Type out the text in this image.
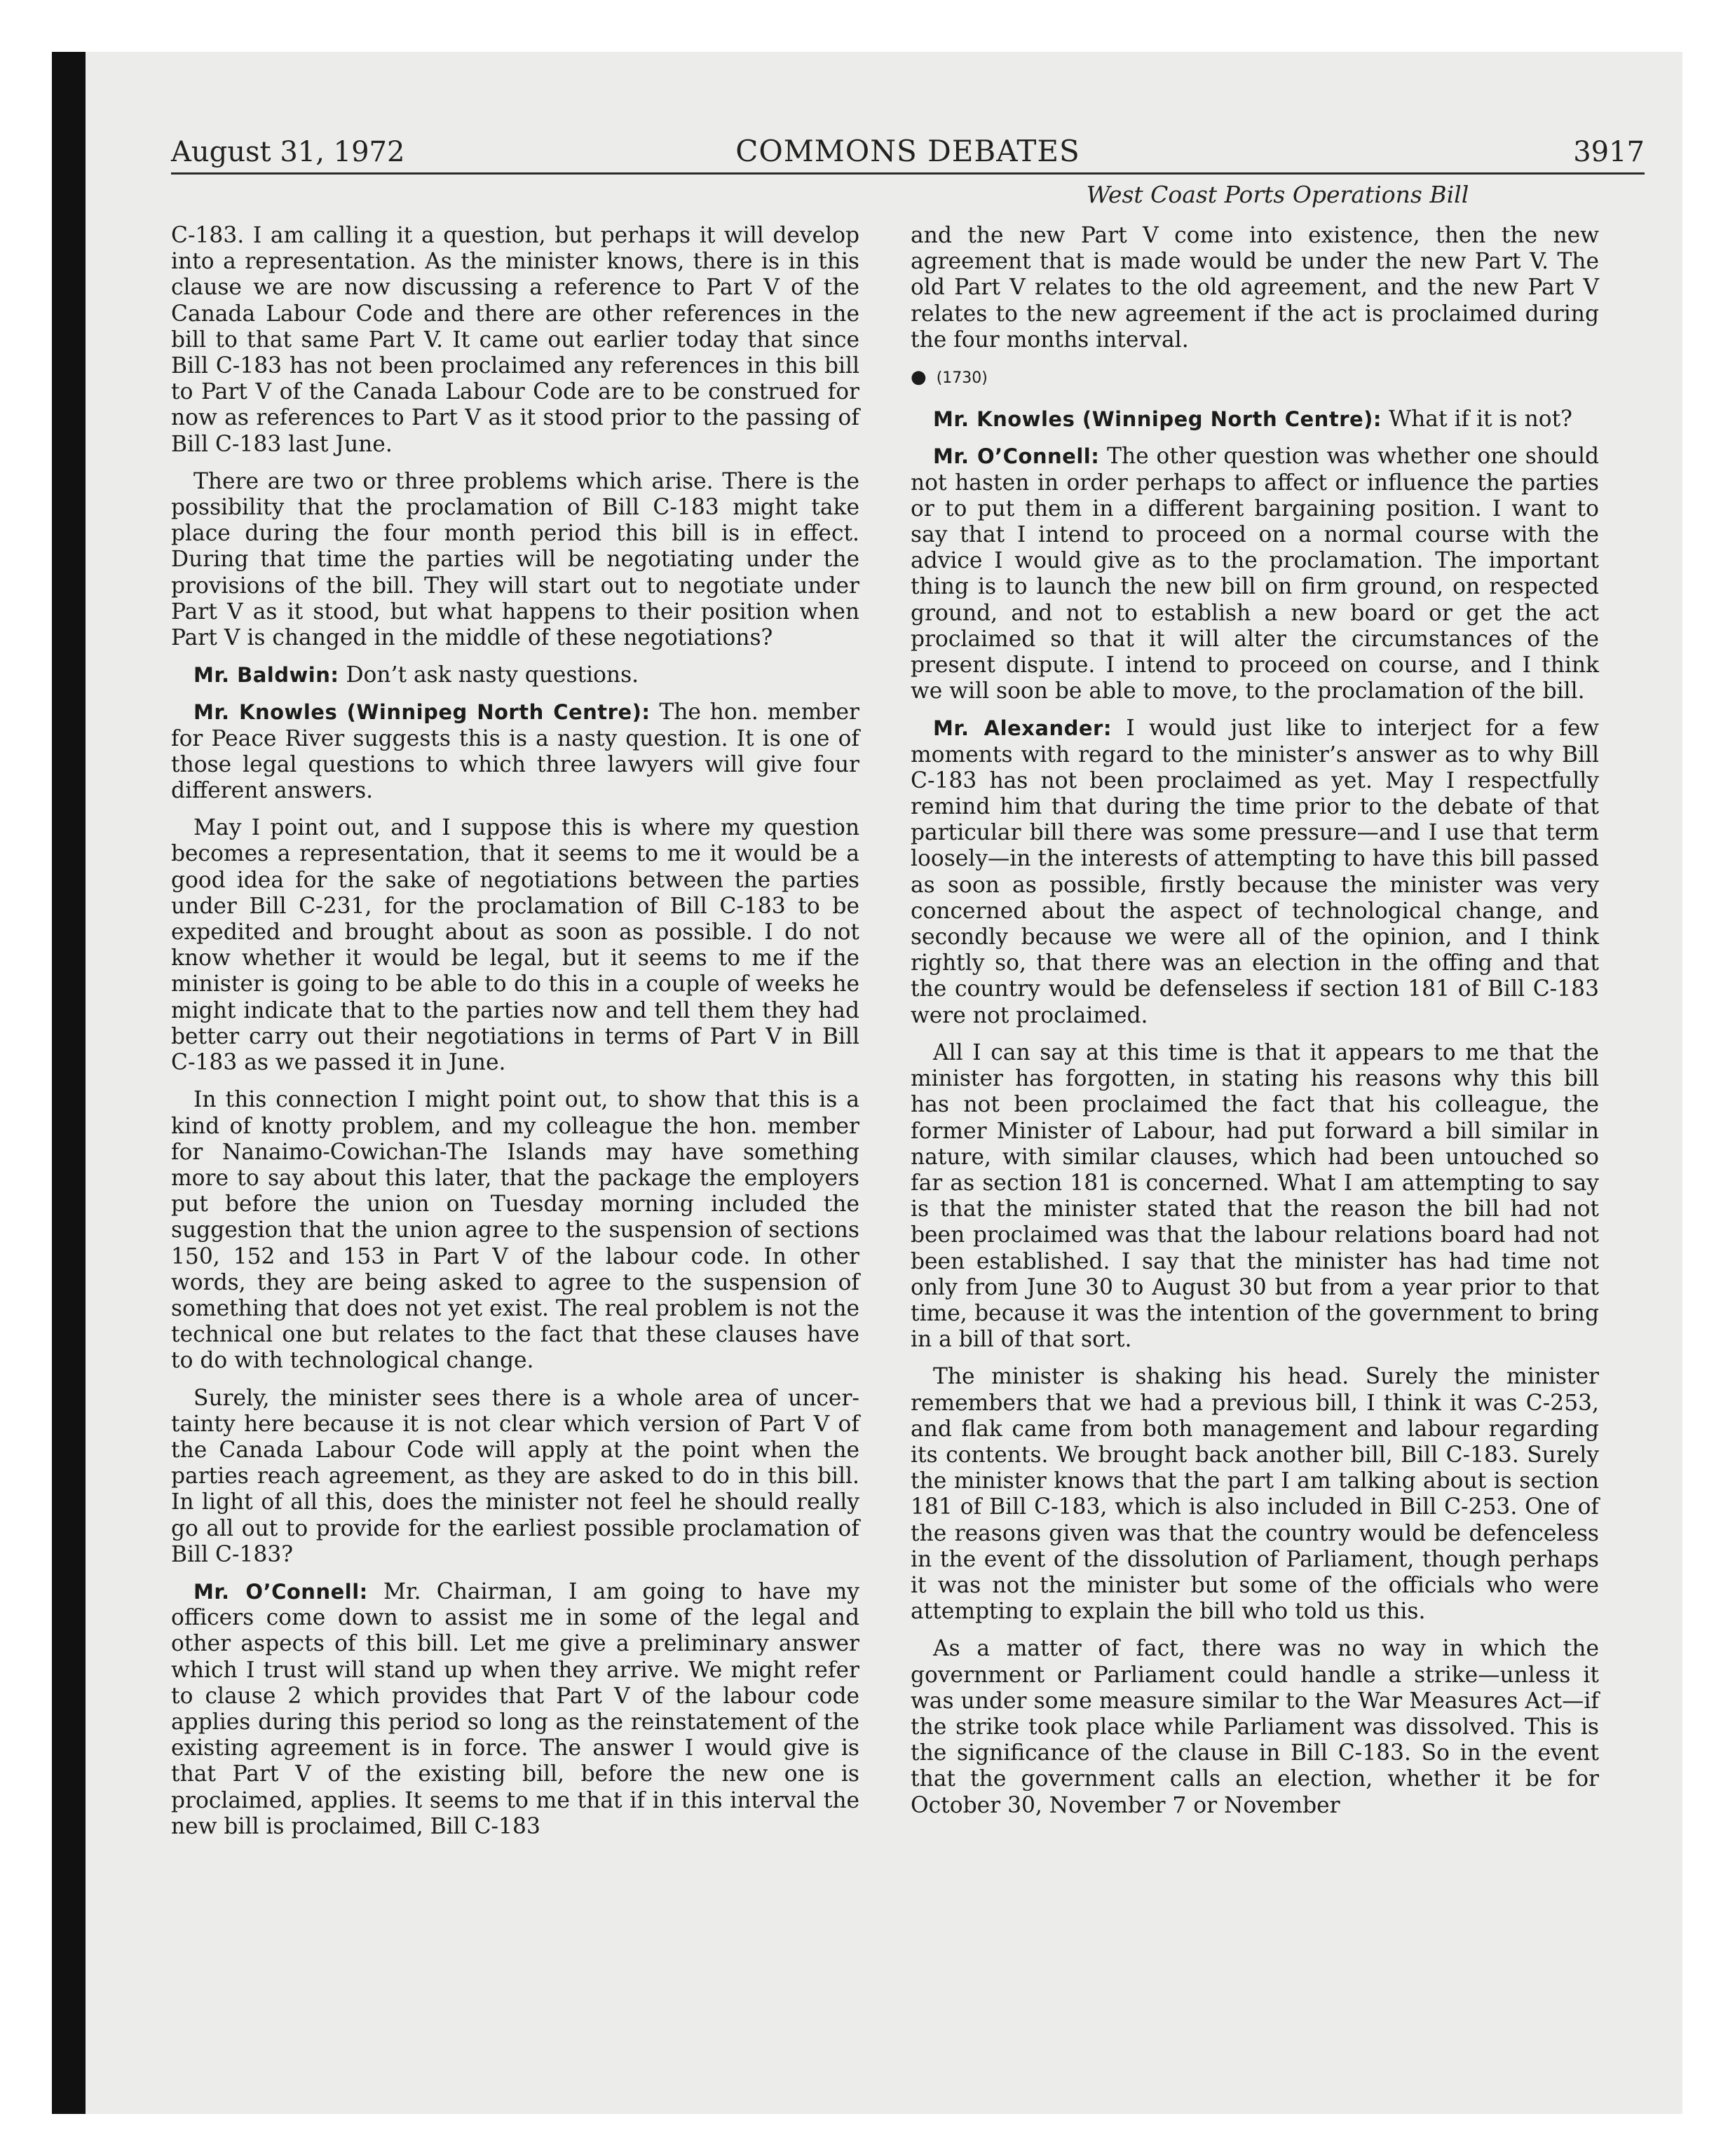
August 31, 1972	COMMONS DEBATES	3917
West Coast Ports Operations Bill

C-183. I am calling it a question, but perhaps it will develop into a representation. As the minister knows, there is in this clause we are now discussing a reference to Part V of the Canada Labour Code and there are other references in the bill to that same Part V. It came out earlier today that since Bill C-183 has not been proclaimed any references in this bill to Part V of the Canada Labour Code are to be construed for now as references to Part V as it stood prior to the passing of Bill C-183 last June.

There are two or three problems which arise. There is the possibility that the proclamation of Bill C-183 might take place during the four month period this bill is in effect. During that time the parties will be negotiating under the provisions of the bill. They will start out to negotiate under Part V as it stood, but what happens to their position when Part V is changed in the middle of these negotiations?

Mr. Baldwin: Don’t ask nasty questions.

Mr. Knowles (Winnipeg North Centre): The hon. member for Peace River suggests this is a nasty question. It is one of those legal questions to which three lawyers will give four different answers.

May I point out, and I suppose this is where my question becomes a representation, that it seems to me it would be a good idea for the sake of negotiations between the parties under Bill C-231, for the proclamation of Bill C-183 to be expedited and brought about as soon as possible. I do not know whether it would be legal, but it seems to me if the minister is going to be able to do this in a couple of weeks he might indicate that to the parties now and tell them they had better carry out their negotiations in terms of Part V in Bill C-183 as we passed it in June.

In this connection I might point out, to show that this is a kind of knotty problem, and my colleague the hon. member for Nanaimo-Cowichan-The Islands may have something more to say about this later, that the package the employers put before the union on Tuesday morning included the suggestion that the union agree to the suspension of sections 150, 152 and 153 in Part V of the labour code. In other words, they are being asked to agree to the suspension of something that does not yet exist. The real problem is not the technical one but relates to the fact that these clauses have to do with technological change.

Surely, the minister sees there is a whole area of uncertainty here because it is not clear which version of Part V of the Canada Labour Code will apply at the point when the parties reach agreement, as they are asked to do in this bill. In light of all this, does the minister not feel he should really go all out to provide for the earliest possible proclamation of Bill C-183?

Mr. O’Connell: Mr. Chairman, I am going to have my officers come down to assist me in some of the legal and other aspects of this bill. Let me give a preliminary answer which I trust will stand up when they arrive. We might refer to clause 2 which provides that Part V of the labour code applies during this period so long as the reinstatement of the existing agreement is in force. The answer I would give is that Part V of the existing bill, before the new one is proclaimed, applies. It seems to me that if in this interval the new bill is proclaimed, Bill C-183

and the new Part V come into existence, then the new agreement that is made would be under the new Part V. The old Part V relates to the old agreement, and the new Part V relates to the new agreement if the act is proclaimed during the four months interval.

● (1730)

Mr. Knowles (Winnipeg North Centre): What if it is not?

Mr. O’Connell: The other question was whether one should not hasten in order perhaps to affect or influence the parties or to put them in a different bargaining position. I want to say that I intend to proceed on a normal course with the advice I would give as to the proclamation. The important thing is to launch the new bill on firm ground, on respected ground, and not to establish a new board or get the act proclaimed so that it will alter the circumstances of the present dispute. I intend to proceed on course, and I think we will soon be able to move, to the proclamation of the bill.

Mr. Alexander: I would just like to interject for a few moments with regard to the minister’s answer as to why Bill C-183 has not been proclaimed as yet. May I respectfully remind him that during the time prior to the debate of that particular bill there was some pressure—and I use that term loosely—in the interests of attempting to have this bill passed as soon as possible, firstly because the minister was very concerned about the aspect of technological change, and secondly because we were all of the opinion, and I think rightly so, that there was an election in the offing and that the country would be defenseless if section 181 of Bill C-183 were not proclaimed.

All I can say at this time is that it appears to me that the minister has forgotten, in stating his reasons why this bill has not been proclaimed the fact that his colleague, the former Minister of Labour, had put forward a bill similar in nature, with similar clauses, which had been untouched so far as section 181 is concerned. What I am attempting to say is that the minister stated that the reason the bill had not been proclaimed was that the labour relations board had not been established. I say that the minister has had time not only from June 30 to August 30 but from a year prior to that time, because it was the intention of the government to bring in a bill of that sort.

The minister is shaking his head. Surely the minister remembers that we had a previous bill, I think it was C-253, and flak came from both management and labour regarding its contents. We brought back another bill, Bill C-183. Surely the minister knows that the part I am talking about is section 181 of Bill C-183, which is also included in Bill C-253. One of the reasons given was that the country would be defenceless in the event of the dissolution of Parliament, though perhaps it was not the minister but some of the officials who were attempting to explain the bill who told us this.

As a matter of fact, there was no way in which the government or Parliament could handle a strike—unless it was under some measure similar to the War Measures Act—if the strike took place while Parliament was dissolved. This is the significance of the clause in Bill C-183. So in the event that the government calls an election, whether it be for October 30, November 7 or November
